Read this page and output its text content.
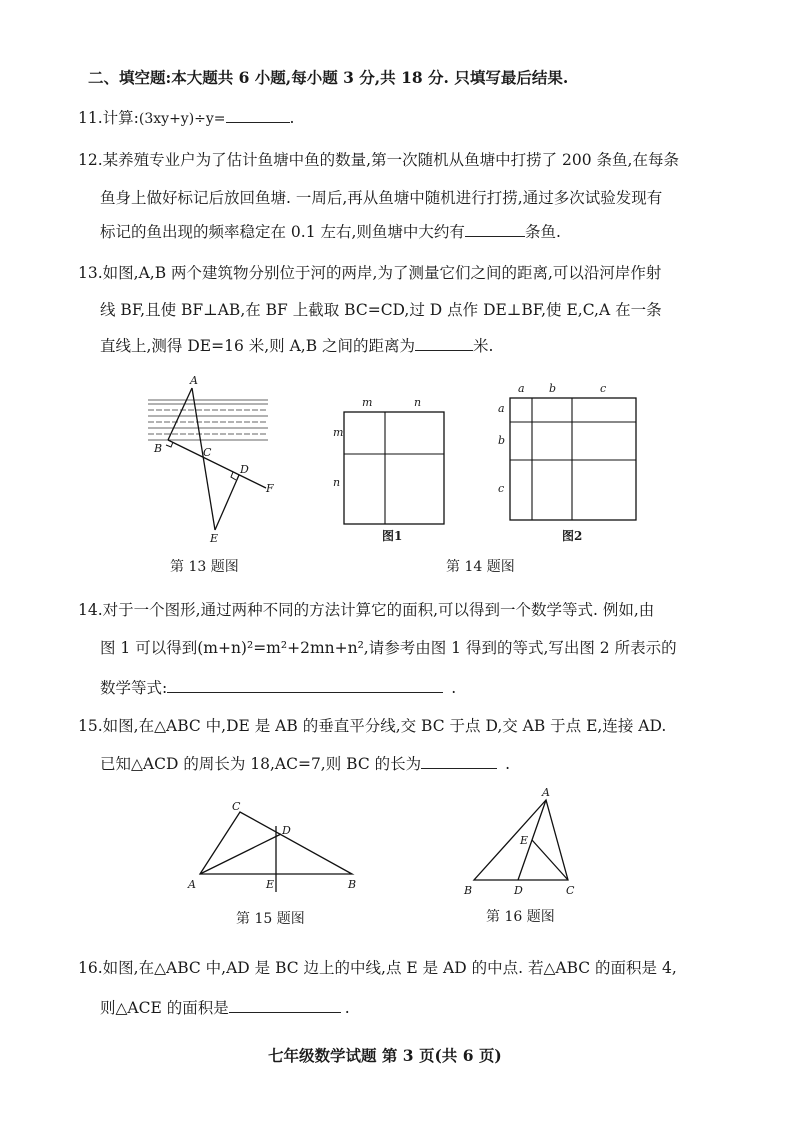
二、填空题:本大题共 6 小题,每小题 3 分,共 18 分. 只填写最后结果.
11.计算:(3xy+y)÷y=	.
12.某养殖专业户为了估计鱼塘中鱼的数量,第一次随机从鱼塘中打捞了 200 条鱼,在每条
鱼身上做好标记后放回鱼塘. 一周后,再从鱼塘中随机进行打捞,通过多次试验发现有
标记的鱼出现的频率稳定在 0.1 左右,则鱼塘中大约有	条鱼.
13.如图,A,B 两个建筑物分别位于河的两岸,为了测量它们之间的距离,可以沿河岸作射
线 BF,且使 BF⊥AB,在 BF 上截取 BC=CD,过 D 点作 DE⊥BF,使 E,C,A 在一条
直线上,测得 DE=16 米,则 A,B 之间的距离为	米.
A
B	C
D
F
E
第 13 题图
m	n
m
n
图1
a b	c
a
b
c
图2
第 14 题图
14.对于一个图形,通过两种不同的方法计算它的面积,可以得到一个数学等式. 例如,由
图 1 可以得到(m+n)²=m²+2mn+n²,请参考由图 1 得到的等式,写出图 2 所表示的
数学等式:	.
15.如图,在△ABC 中,DE 是 AB 的垂直平分线,交 BC 于点 D,交 AB 于点 E,连接 AD.
已知△ACD 的周长为 18,AC=7,则 BC 的长为	.
C
D
A	E	B
第 15 题图
A
E
B	D	C
第 16 题图
16.如图,在△ABC 中,AD 是 BC 边上的中线,点 E 是 AD 的中点. 若△ABC 的面积是 4,
则△ACE 的面积是	.
七年级数学试题 第 3 页(共 6 页)
